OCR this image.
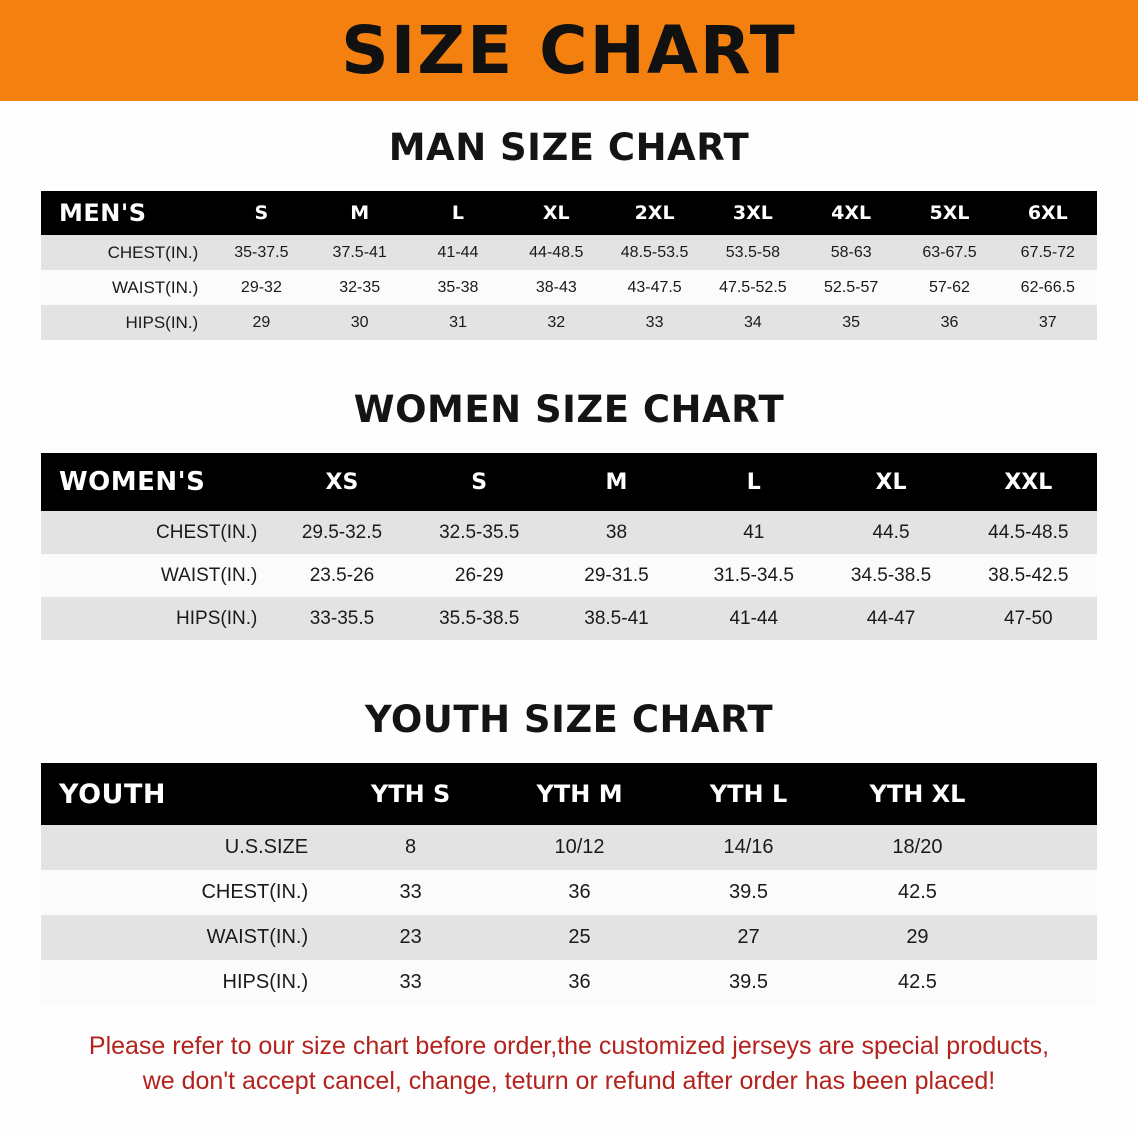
SIZE CHART
MAN SIZE CHART
MEN'S	S	M	L	XL	2XL	3XL	4XL	5XL	6XL
CHEST(IN.)	35-37.5	37.5-41	41-44	44-48.5	48.5-53.5	53.5-58	58-63	63-67.5	67.5-72
WAIST(IN.)	29-32	32-35	35-38	38-43	43-47.5	47.5-52.5	52.5-57	57-62	62-66.5
HIPS(IN.)	29	30	31	32	33	34	35	36	37
WOMEN SIZE CHART
WOMEN'S	XS	S	M	L	XL	XXL
CHEST(IN.)	29.5-32.5	32.5-35.5	38	41	44.5	44.5-48.5
WAIST(IN.)	23.5-26	26-29	29-31.5	31.5-34.5	34.5-38.5	38.5-42.5
HIPS(IN.)	33-35.5	35.5-38.5	38.5-41	41-44	44-47	47-50
YOUTH SIZE CHART
YOUTH	YTH S	YTH M	YTH L	YTH XL	
U.S.SIZE	8	10/12	14/16	18/20	
CHEST(IN.)	33	36	39.5	42.5	
WAIST(IN.)	23	25	27	29	
HIPS(IN.)	33	36	39.5	42.5	
Please refer to our size chart before order,the customized jerseys are special products,
we don't accept cancel, change, teturn or refund after order has been placed!
